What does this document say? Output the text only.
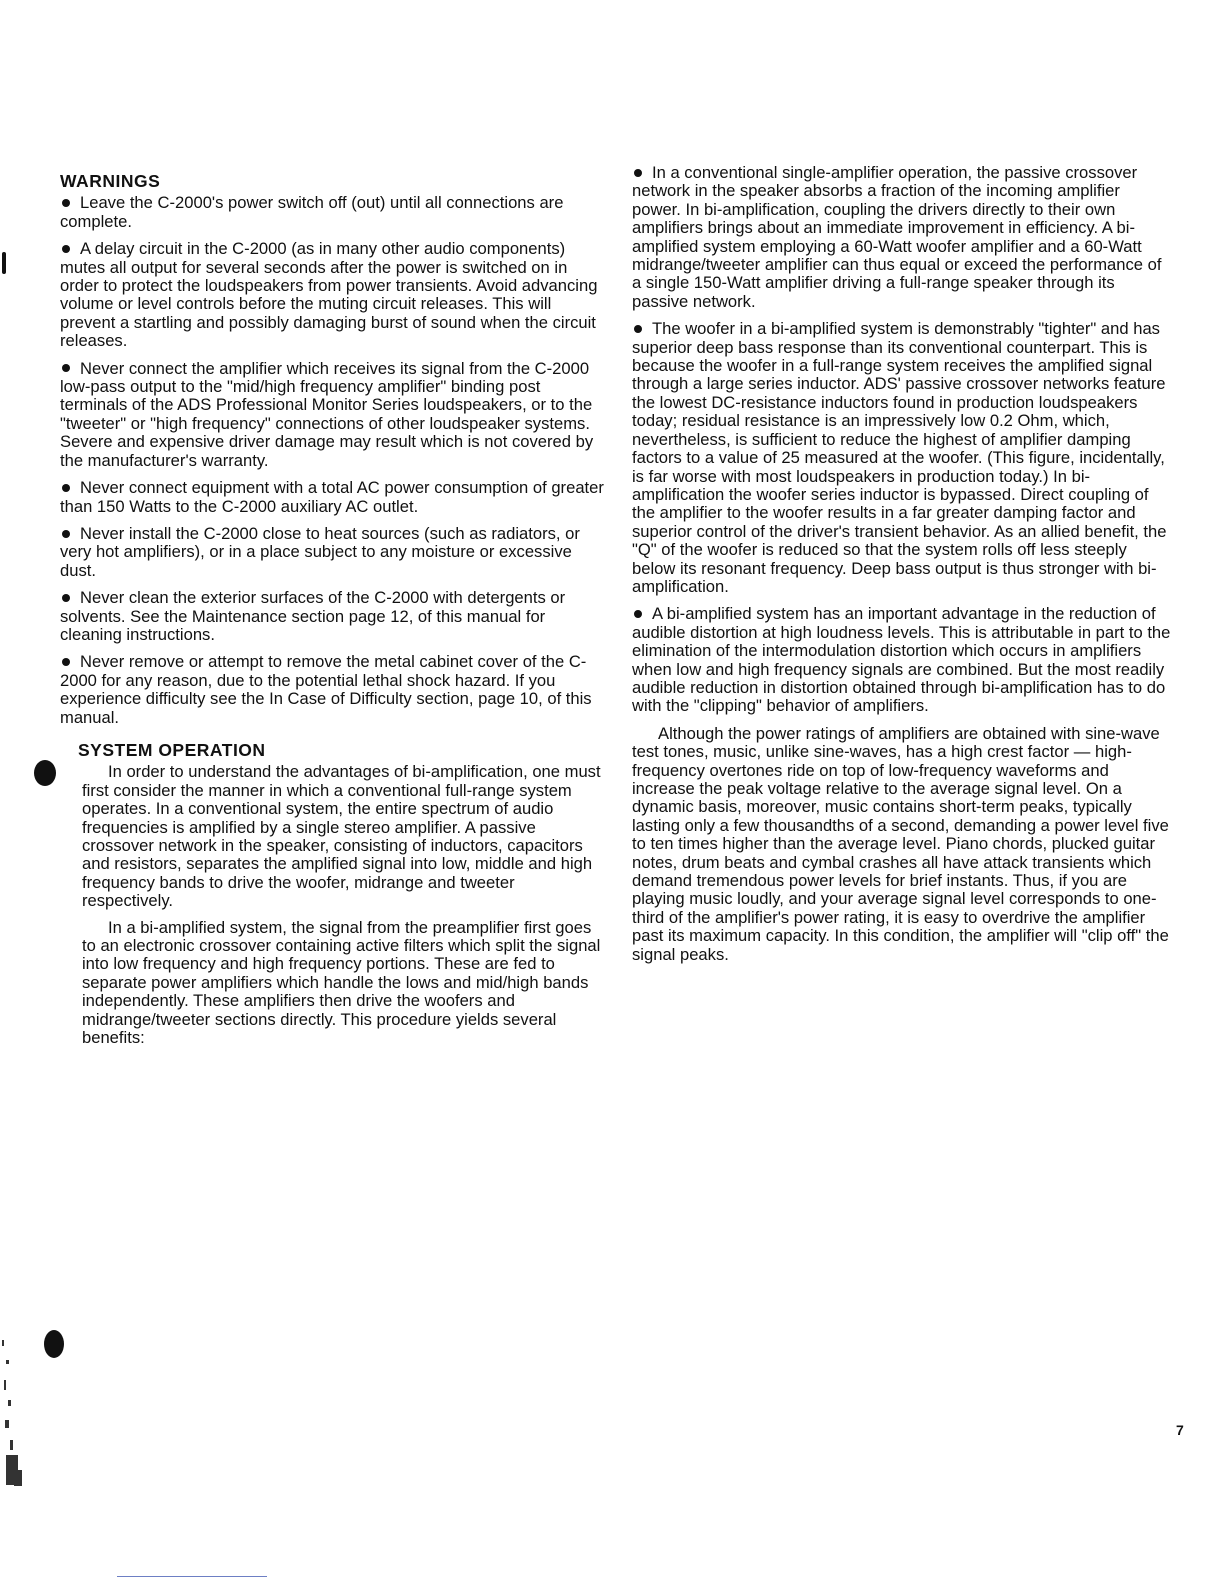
WARNINGS
Leave the C-2000's power switch off (out) until all connections are complete.
A delay circuit in the C-2000 (as in many other audio components) mutes all output for several seconds after the power is switched on in order to protect the loudspeakers from power transients. Avoid advancing volume or level controls before the muting circuit releases. This will prevent a startling and possibly damaging burst of sound when the circuit releases.
Never connect the amplifier which receives its signal from the C-2000 low-pass output to the "mid/high frequency amplifier" binding post terminals of the ADS Professional Monitor Series loudspeakers, or to the "tweeter" or "high frequency" connections of other loudspeaker systems. Severe and expensive driver damage may result which is not covered by the manufacturer's warranty.
Never connect equipment with a total AC power consumption of greater than 150 Watts to the C-2000 auxiliary AC outlet.
Never install the C-2000 close to heat sources (such as radiators, or very hot amplifiers), or in a place subject to any moisture or excessive dust.
Never clean the exterior surfaces of the C-2000 with detergents or solvents. See the Maintenance section page 12, of this manual for cleaning instructions.
Never remove or attempt to remove the metal cabinet cover of the C-2000 for any reason, due to the potential lethal shock hazard. If you experience difficulty see the In Case of Difficulty section, page 10, of this manual.
SYSTEM OPERATION

In order to understand the advantages of bi-amplification, one must first consider the manner in which a conventional full-range system operates. In a conventional system, the entire spectrum of audio frequencies is amplified by a single stereo amplifier. A passive crossover network in the speaker, consisting of inductors, capacitors and resistors, separates the amplified signal into low, middle and high frequency bands to drive the woofer, midrange and tweeter respectively.

In a bi-amplified system, the signal from the preamplifier first goes to an electronic crossover containing active filters which split the signal into low frequency and high frequency portions. These are fed to separate power amplifiers which handle the lows and mid/high bands independently. These amplifiers then drive the woofers and midrange/tweeter sections directly. This procedure yields several benefits:

In a conventional single-amplifier operation, the passive crossover network in the speaker absorbs a fraction of the incoming amplifier power. In bi-amplification, coupling the drivers directly to their own amplifiers brings about an immediate improvement in efficiency. A bi-amplified system employing a 60-Watt woofer amplifier and a 60-Watt midrange/tweeter amplifier can thus equal or exceed the performance of a single 150-Watt amplifier driving a full-range speaker through its passive network.
The woofer in a bi-amplified system is demonstrably "tighter" and has superior deep bass response than its conventional counterpart. This is because the woofer in a full-range system receives the amplified signal through a large series inductor. ADS' passive crossover networks feature the lowest DC-resistance inductors found in production loudspeakers today; residual resistance is an impressively low 0.2 Ohm, which, nevertheless, is sufficient to reduce the highest of amplifier damping factors to a value of 25 measured at the woofer. (This figure, incidentally, is far worse with most loudspeakers in production today.) In bi-amplification the woofer series inductor is bypassed. Direct coupling of the amplifier to the woofer results in a far greater damping factor and superior control of the driver's transient behavior. As an allied benefit, the "Q" of the woofer is reduced so that the system rolls off less steeply below its resonant frequency. Deep bass output is thus stronger with bi-amplification.
A bi-amplified system has an important advantage in the reduction of audible distortion at high loudness levels. This is attributable in part to the elimination of the intermodulation distortion which occurs in amplifiers when low and high frequency signals are combined. But the most readily audible reduction in distortion obtained through bi-amplification has to do with the "clipping" behavior of amplifiers.

Although the power ratings of amplifiers are obtained with sine-wave test tones, music, unlike sine-waves, has a high crest factor — high-frequency overtones ride on top of low-frequency waveforms and increase the peak voltage relative to the average signal level. On a dynamic basis, moreover, music contains short-term peaks, typically lasting only a few thousandths of a second, demanding a power level five to ten times higher than the average level. Piano chords, plucked guitar notes, drum beats and cymbal crashes all have attack transients which demand tremendous power levels for brief instants. Thus, if you are playing music loudly, and your average signal level corresponds to one-third of the amplifier's power rating, it is easy to overdrive the amplifier past its maximum capacity. In this condition, the amplifier will "clip off" the signal peaks.

7
